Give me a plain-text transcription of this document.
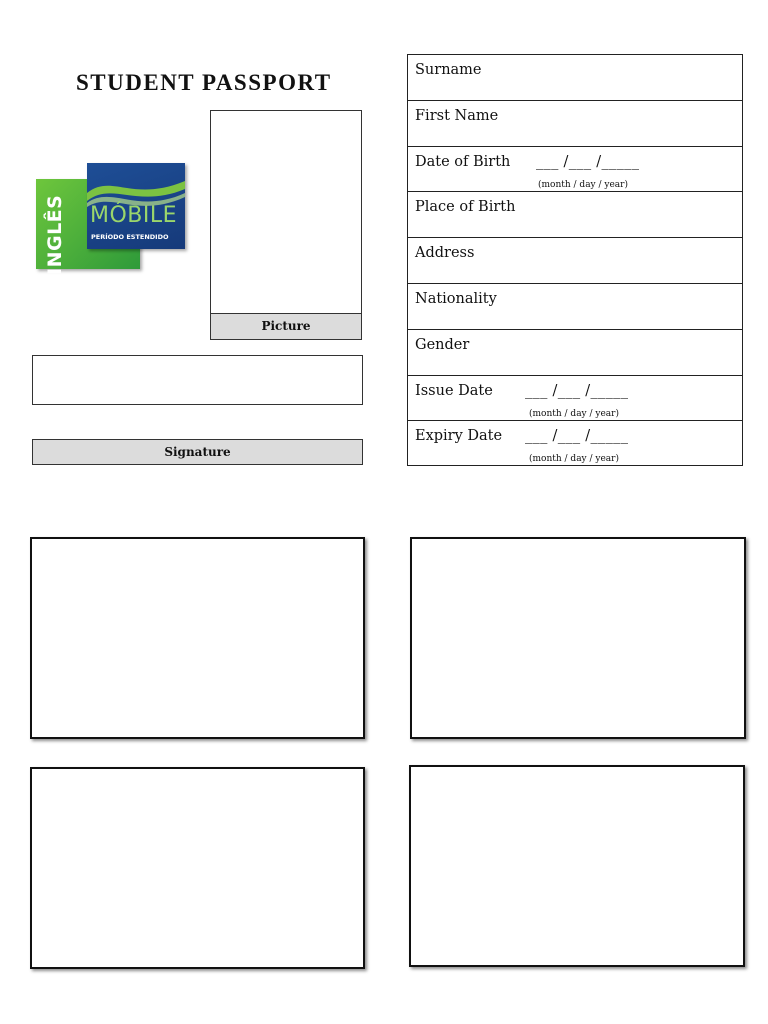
STUDENT PASSPORT
INGLÊS MÓBILE
PERÍODO ESTENDIDO
Picture
Signature
Surname
First Name
Date of Birth ___ /___ /_____
(month / day / year)
Place of Birth
Address
Nationality
Gender
Issue Date ___ /___ /_____
(month / day / year)
Expiry Date ___ /___ /_____
(month / day / year)
